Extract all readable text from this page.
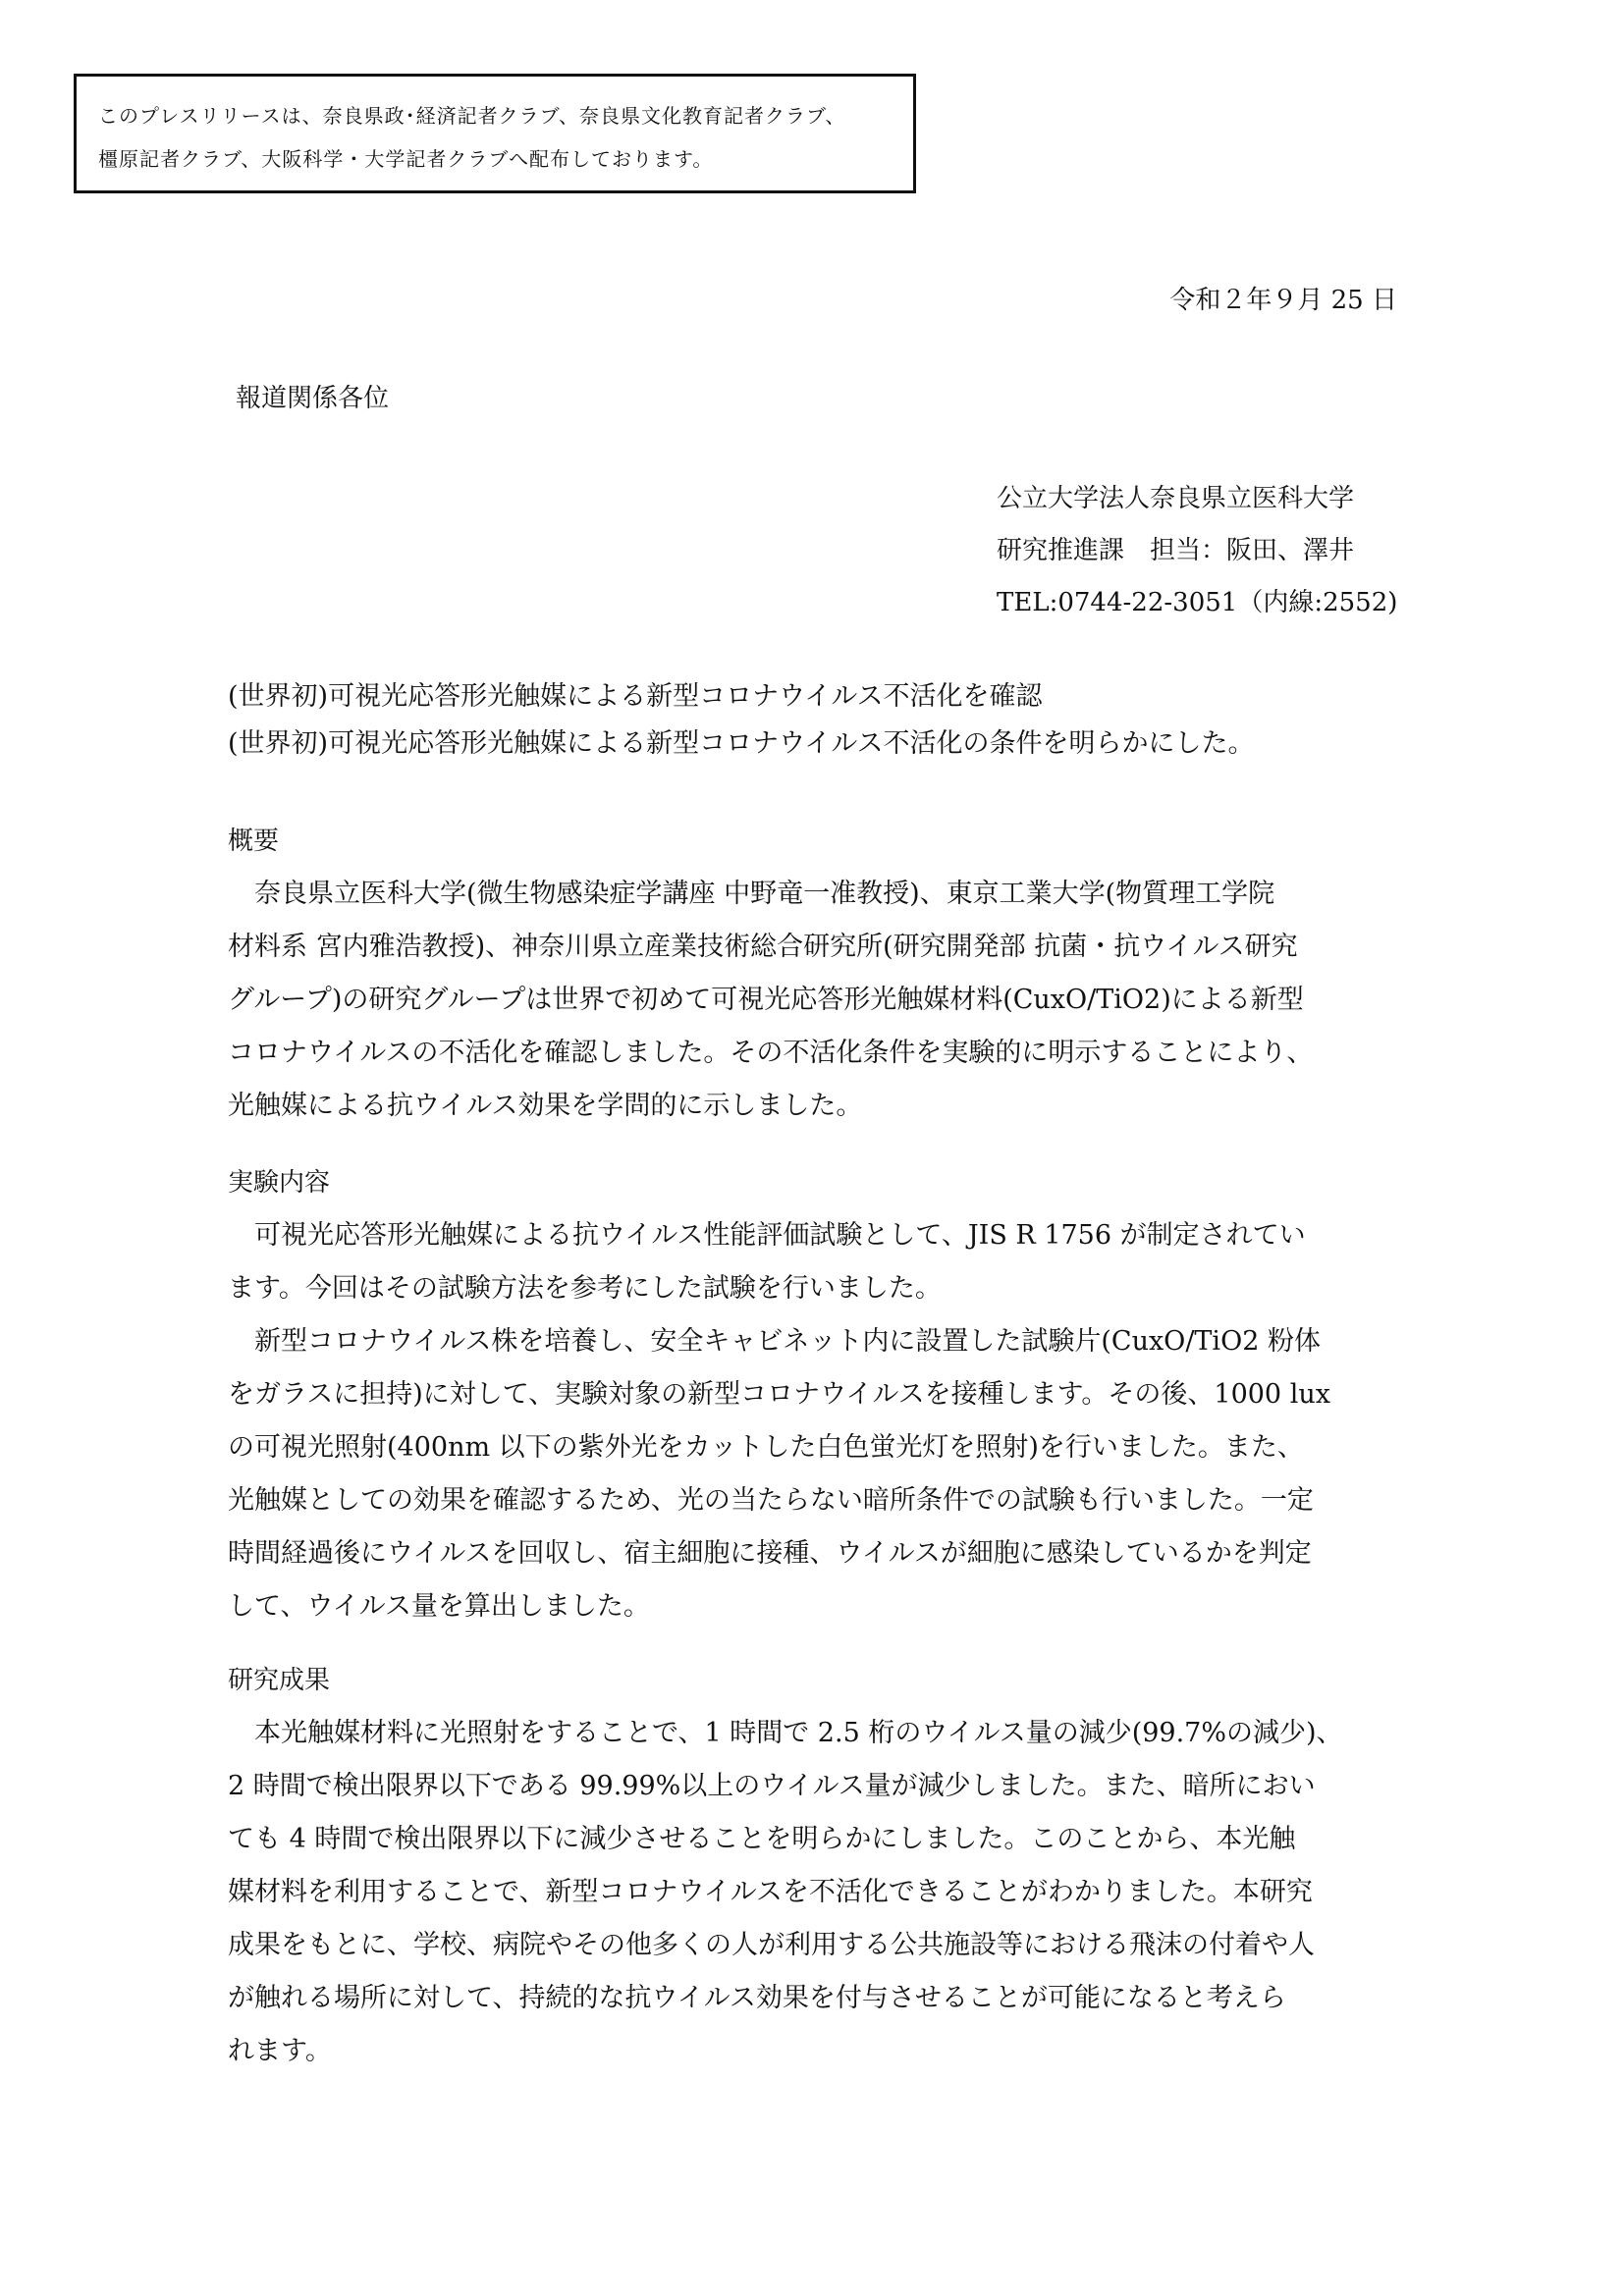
このプレスリリースは、奈良県政･経済記者クラブ、奈良県文化教育記者クラブ、
橿原記者クラブ、大阪科学・大学記者クラブへ配布しております。
令和２年９月 25 日
報道関係各位
公立大学法人奈良県立医科大学
研究推進課　担当：阪田、澤井
TEL:0744-22-3051（内線:2552)
(世界初)可視光応答形光触媒による新型コロナウイルス不活化を確認
(世界初)可視光応答形光触媒による新型コロナウイルス不活化の条件を明らかにした。
概要
　奈良県立医科大学(微生物感染症学講座 中野竜一准教授)、東京工業大学(物質理工学院
材料系 宮内雅浩教授)、神奈川県立産業技術総合研究所(研究開発部 抗菌・抗ウイルス研究
グループ)の研究グループは世界で初めて可視光応答形光触媒材料(CuxO/TiO2)による新型
コロナウイルスの不活化を確認しました。その不活化条件を実験的に明示することにより、
光触媒による抗ウイルス効果を学問的に示しました。
実験内容
　可視光応答形光触媒による抗ウイルス性能評価試験として、JIS R 1756 が制定されてい
ます。今回はその試験方法を参考にした試験を行いました。
　新型コロナウイルス株を培養し、安全キャビネット内に設置した試験片(CuxO/TiO2 粉体
をガラスに担持)に対して、実験対象の新型コロナウイルスを接種します。その後、1000 lux
の可視光照射(400nm 以下の紫外光をカットした白色蛍光灯を照射)を行いました。また、
光触媒としての効果を確認するため、光の当たらない暗所条件での試験も行いました。一定
時間経過後にウイルスを回収し、宿主細胞に接種、ウイルスが細胞に感染しているかを判定
して、ウイルス量を算出しました。
研究成果
　本光触媒材料に光照射をすることで、1 時間で 2.5 桁のウイルス量の減少(99.7%の減少)、
2 時間で検出限界以下である 99.99%以上のウイルス量が減少しました。また、暗所におい
ても 4 時間で検出限界以下に減少させることを明らかにしました。このことから、本光触
媒材料を利用することで、新型コロナウイルスを不活化できることがわかりました。本研究
成果をもとに、学校、病院やその他多くの人が利用する公共施設等における飛沫の付着や人
が触れる場所に対して、持続的な抗ウイルス効果を付与させることが可能になると考えら
れます。
